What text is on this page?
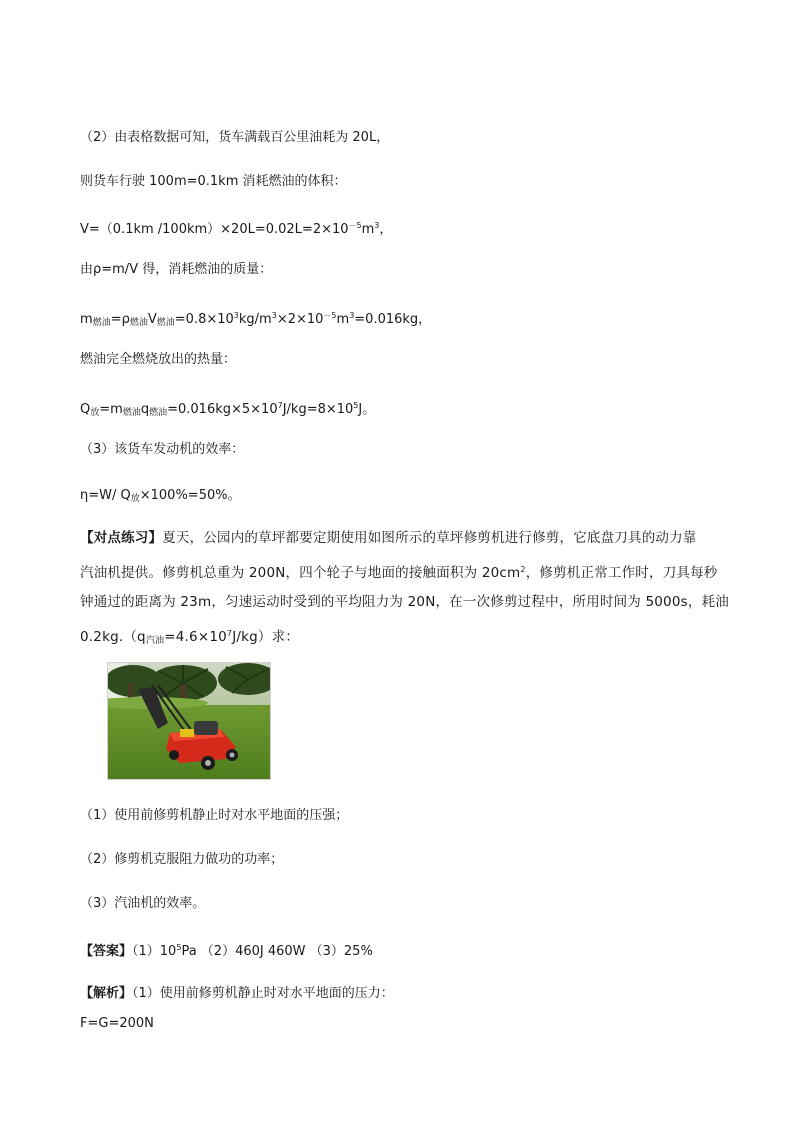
（2）由表格数据可知，货车满载百公里油耗为 20L，
则货车行驶 100m=0.1km 消耗燃油的体积：
V=（0.1km $/100km)\times 20L=0.02L=2\times 10^{-5}m^3$，
由ρ=m/V 得，消耗燃油的质量：
$m_{燃油}=\rho_{燃油}V_{燃油}=0.8\times 10^3kg/m^3\times 2\times 10^{-5}m^3=0.016kg$，
燃油完全燃烧放出的热量：
$Q_放=m_{燃油}q_{燃油}=0.016kg\times 5\times 10^7J/kg=8\times 10^5J$。
（3）该货车发动机的效率：
η=W/ $Q_放\times 100\%=50\%$。
【对点练习】夏天，公园内的草坪都要定期使用如图所示的草坪修剪机进行修剪，它底盘刀具的动力靠
汽油机提供。修剪机总重为 200N，四个轮子与地面的接触面积为 $20cm^2$，修剪机正常工作时，刀具每秒
钟通过的距离为 23m，匀速运动时受到的平均阻力为 20N，在一次修剪过程中，所用时间为 5000s，耗油
$0.2kg.(q_{汽油}=4.6\times 10^7J/kg)$求：
（1）使用前修剪机静止时对水平地面的压强；
（2）修剪机克服阻力做功的功率；
（3）汽油机的效率。
【答案】$(1)10^5Pa$ （2）460J 460W （3）25%
【解析】（1）使用前修剪机静止时对水平地面的压力：
F=G=200N
